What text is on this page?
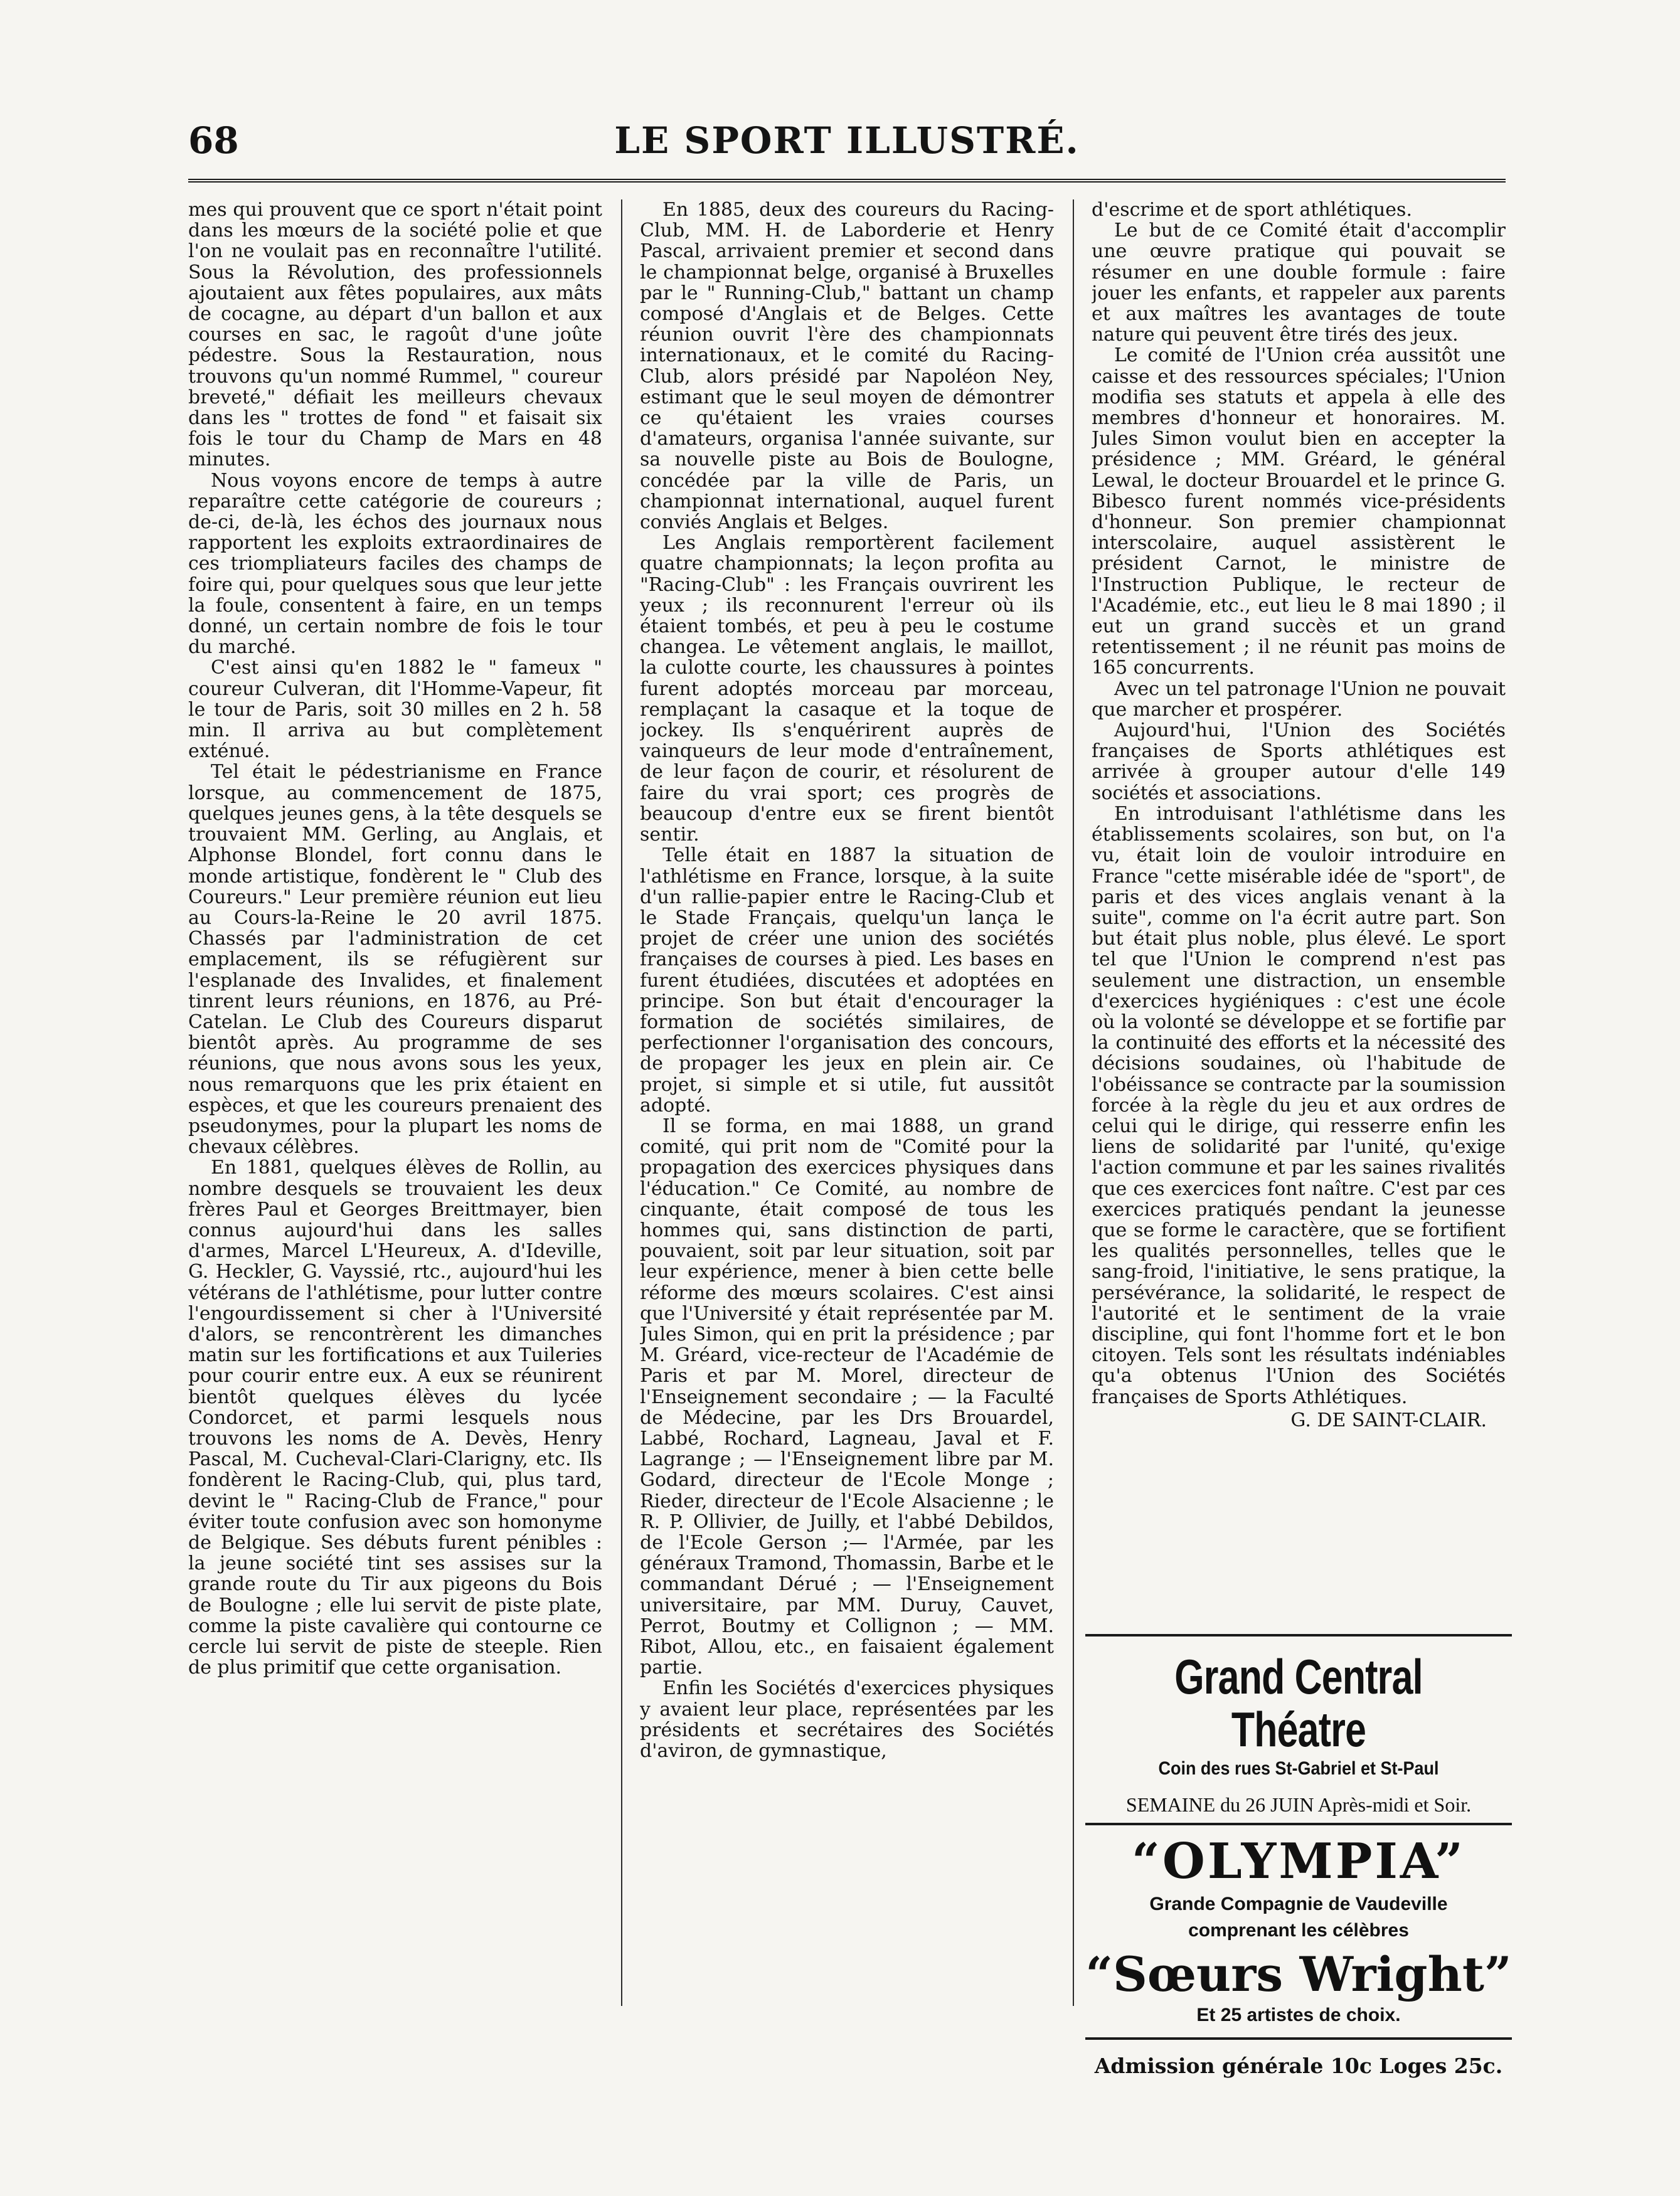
68	LE SPORT ILLUSTRÉ.

mes qui prouvent que ce sport n'était point dans les mœurs de la société polie et que l'on ne voulait pas en reconnaître l'utilité. Sous la Révolution, des professionnels ajoutaient aux fêtes populaires, aux mâts de cocagne, au départ d'un ballon et aux courses en sac, le ragoût d'une joûte pédestre. Sous la Restauration, nous trouvons qu'un nommé Rummel, " coureur breveté," défiait les meilleurs chevaux dans les " trottes de fond " et faisait six fois le tour du Champ de Mars en 48 minutes.

Nous voyons encore de temps à autre reparaître cette catégorie de coureurs ; de-ci, de-là, les échos des journaux nous rapportent les exploits extraordinaires de ces triompliateurs faciles des champs de foire qui, pour quelques sous que leur jette la foule, consentent à faire, en un temps donné, un certain nombre de fois le tour du marché.

C'est ainsi qu'en 1882 le " fameux " coureur Culveran, dit l'Homme-Vapeur, fit le tour de Paris, soit 30 milles en 2 h. 58 min. Il arriva au but complètement exténué.

Tel était le pédestrianisme en France lorsque, au commencement de 1875, quelques jeunes gens, à la tête desquels se trouvaient MM. Gerling, au Anglais, et Alphonse Blondel, fort connu dans le monde artistique, fondèrent le " Club des Coureurs." Leur première réunion eut lieu au Cours-la-Reine le 20 avril 1875. Chassés par l'administration de cet emplacement, ils se réfugièrent sur l'esplanade des Invalides, et finalement tinrent leurs réunions, en 1876, au Pré-Catelan. Le Club des Coureurs disparut bientôt après. Au programme de ses réunions, que nous avons sous les yeux, nous remarquons que les prix étaient en espèces, et que les coureurs prenaient des pseudonymes, pour la plupart les noms de chevaux célèbres.

En 1881, quelques élèves de Rollin, au nombre desquels se trouvaient les deux frères Paul et Georges Breittmayer, bien connus aujourd'hui dans les salles d'armes, Marcel L'Heureux, A. d'Ideville, G. Heckler, G. Vayssié, rtc., aujourd'hui les vétérans de l'athlétisme, pour lutter contre l'engourdissement si cher à l'Université d'alors, se rencontrèrent les dimanches matin sur les fortifications et aux Tuileries pour courir entre eux. A eux se réunirent bientôt quelques élèves du lycée Condorcet, et parmi lesquels nous trouvons les noms de A. Devès, Henry Pascal, M. Cucheval-Clari-Clarigny, etc. Ils fondèrent le Racing-Club, qui, plus tard, devint le " Racing-Club de France," pour éviter toute confusion avec son homonyme de Belgique. Ses débuts furent pénibles : la jeune société tint ses assises sur la grande route du Tir aux pigeons du Bois de Boulogne ; elle lui servit de piste plate, comme la piste cavalière qui contourne ce cercle lui servit de piste de steeple. Rien de plus primitif que cette organisation.

En 1885, deux des coureurs du Racing-Club, MM. H. de Laborderie et Henry Pascal, arrivaient premier et second dans le championnat belge, organisé à Bruxelles par le " Running-Club," battant un champ composé d'Anglais et de Belges. Cette réunion ouvrit l'ère des championnats internationaux, et le comité du Racing-Club, alors présidé par Napoléon Ney, estimant que le seul moyen de démontrer ce qu'étaient les vraies courses d'amateurs, organisa l'année suivante, sur sa nouvelle piste au Bois de Boulogne, concédée par la ville de Paris, un championnat international, auquel furent conviés Anglais et Belges.

Les Anglais remportèrent facilement quatre championnats; la leçon profita au "Racing-Club" : les Français ouvrirent les yeux ; ils reconnurent l'erreur où ils étaient tombés, et peu à peu le costume changea. Le vêtement anglais, le maillot, la culotte courte, les chaussures à pointes furent adoptés morceau par morceau, remplaçant la casaque et la toque de jockey. Ils s'enquérirent auprès de vainqueurs de leur mode d'entraînement, de leur façon de courir, et résolurent de faire du vrai sport; ces progrès de beaucoup d'entre eux se firent bientôt sentir.

Telle était en 1887 la situation de l'athlétisme en France, lorsque, à la suite d'un rallie-papier entre le Racing-Club et le Stade Français, quelqu'un lança le projet de créer une union des sociétés françaises de courses à pied. Les bases en furent étudiées, discutées et adoptées en principe. Son but était d'encourager la formation de sociétés similaires, de perfectionner l'organisation des concours, de propager les jeux en plein air. Ce projet, si simple et si utile, fut aussitôt adopté.

Il se forma, en mai 1888, un grand comité, qui prit nom de "Comité pour la propagation des exercices physiques dans l'éducation." Ce Comité, au nombre de cinquante, était composé de tous les hommes qui, sans distinction de parti, pouvaient, soit par leur situation, soit par leur expérience, mener à bien cette belle réforme des mœurs scolaires. C'est ainsi que l'Université y était représentée par M. Jules Simon, qui en prit la présidence ; par M. Gréard, vice-recteur de l'Académie de Paris et par M. Morel, directeur de l'Enseignement secondaire ; — la Faculté de Médecine, par les Drs Brouardel, Labbé, Rochard, Lagneau, Javal et F. Lagrange ; — l'Enseignement libre par M. Godard, directeur de l'Ecole Monge ; Rieder, directeur de l'Ecole Alsacienne ; le R. P. Ollivier, de Juilly, et l'abbé Debildos, de l'Ecole Gerson ;— l'Armée, par les généraux Tramond, Thomassin, Barbe et le commandant Dérué ; — l'Enseignement universitaire, par MM. Duruy, Cauvet, Perrot, Boutmy et Collignon ; — MM. Ribot, Allou, etc., en faisaient également partie.

Enfin les Sociétés d'exercices physiques y avaient leur place, représentées par les présidents et secrétaires des Sociétés d'aviron, de gymnastique,

d'escrime et de sport athlétiques.

Le but de ce Comité était d'accomplir une œuvre pratique qui pouvait se résumer en une double formule : faire jouer les enfants, et rappeler aux parents et aux maîtres les avantages de toute nature qui peuvent être tirés des jeux.

Le comité de l'Union créa aussitôt une caisse et des ressources spéciales; l'Union modifia ses statuts et appela à elle des membres d'honneur et honoraires. M. Jules Simon voulut bien en accepter la présidence ; MM. Gréard, le général Lewal, le docteur Brouardel et le prince G. Bibesco furent nommés vice-présidents d'honneur. Son premier championnat interscolaire, auquel assistèrent le président Carnot, le ministre de l'Instruction Publique, le recteur de l'Académie, etc., eut lieu le 8 mai 1890 ; il eut un grand succès et un grand retentissement ; il ne réunit pas moins de 165 concurrents.

Avec un tel patronage l'Union ne pouvait que marcher et prospérer.

Aujourd'hui, l'Union des Sociétés françaises de Sports athlétiques est arrivée à grouper autour d'elle 149 sociétés et associations.

En introduisant l'athlétisme dans les établissements scolaires, son but, on l'a vu, était loin de vouloir introduire en France "cette misérable idée de "sport", de paris et des vices anglais venant à la suite", comme on l'a écrit autre part. Son but était plus noble, plus élevé. Le sport tel que l'Union le comprend n'est pas seulement une distraction, un ensemble d'exercices hygiéniques : c'est une école où la volonté se développe et se fortifie par la continuité des efforts et la nécessité des décisions soudaines, où l'habitude de l'obéissance se contracte par la soumission forcée à la règle du jeu et aux ordres de celui qui le dirige, qui resserre enfin les liens de solidarité par l'unité, qu'exige l'action commune et par les saines rivalités que ces exercices font naître. C'est par ces exercices pratiqués pendant la jeunesse que se forme le caractère, que se fortifient les qualités personnelles, telles que le sang-froid, l'initiative, le sens pratique, la persévérance, la solidarité, le respect de l'autorité et le sentiment de la vraie discipline, qui font l'homme fort et le bon citoyen. Tels sont les résultats indéniables qu'a obtenus l'Union des Sociétés françaises de Sports Athlétiques.

G. DE SAINT-CLAIR.
Grand Central Théatre
Coin des rues St-Gabriel et St-Paul
SEMAINE du 26 JUIN Après-midi et Soir.
“OLYMPIA”
Grande Compagnie de Vaudeville
comprenant les célèbres
“Sœurs Wright”
Et 25 artistes de choix.
Admission générale 10c Loges 25c.
